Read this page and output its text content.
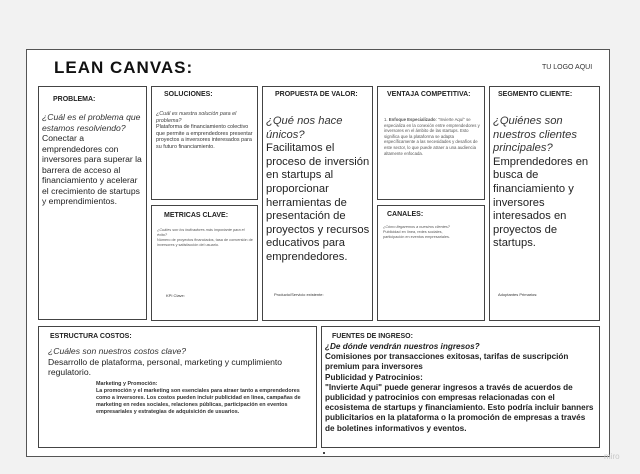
LEAN CANVAS:	TU LOGO AQUI
PROBLEMA:
¿Cuál es el problema que estamos resolviendo?
Conectar a emprendedores con inversores para superar la barrera de acceso al financiamiento y acelerar el crecimiento de startups y emprendimientos.
SOLUCIONES:
¿Cuál es nuestra solución para el problema?
Plataforma de financiamiento colectivo que permite a emprendedores presentar proyectos a inversores interesados para su futuro financiamiento.
METRICAS CLAVE:
¿Cuáles son los indicadores más importante para el éxito?
Número de proyectos financiados, tasa de conversión de inversores y satisfacción del usuario.
KPI Clave:
PROPUESTA DE VALOR:
¿Qué nos hace únicos?
Facilitamos el proceso de inversión en startups al proporcionar herramientas de presentación de proyectos y recursos educativos para emprendedores.
Producto/Servicio existente:
VENTAJA COMPETITIVA:
1. Enfoque Especializado: "Invierte Aquí" se especializa en la conexión entre emprendedores y inversores en el ámbito de las startups. Esto significa que la plataforma se adapta específicamente a las necesidades y desafíos de este sector, lo que puede atraer a una audiencia altamente enfocada.
CANALES:
¿Cómo llegaremos a nuestros clientes?
Publicidad en línea, redes sociales, participación en eventos empresariales.
SEGMENTO CLIENTE:
¿Quiénes son nuestros clientes principales?
Emprendedores en busca de financiamiento y inversores interesados en proyectos de startups.
Adoptantes Primarios:
ESTRUCTURA COSTOS:
¿Cuáles son nuestros costos clave?
Desarrollo de plataforma, personal, marketing y cumplimiento regulatorio.
Marketing y Promoción:
La promoción y el marketing son esenciales para atraer tanto a emprendedores como a inversores. Los costos pueden incluir publicidad en línea, campañas de marketing en redes sociales, relaciones públicas, participación en eventos empresariales y estrategias de adquisición de usuarios.
FUENTES DE INGRESO:
¿De dónde vendrán nuestros ingresos?
Comisiones por transacciones exitosas, tarifas de suscripción premium para inversores
Publicidad y Patrocinios:
"Invierte Aqui" puede generar ingresos a través de acuerdos de publicidad y patrocinios con empresas relacionadas con el ecosistema de startups y financiamiento. Esto podría incluir banners publicitarios en la plataforma o la promoción de empresas a través de boletines informativos y eventos.
miro
